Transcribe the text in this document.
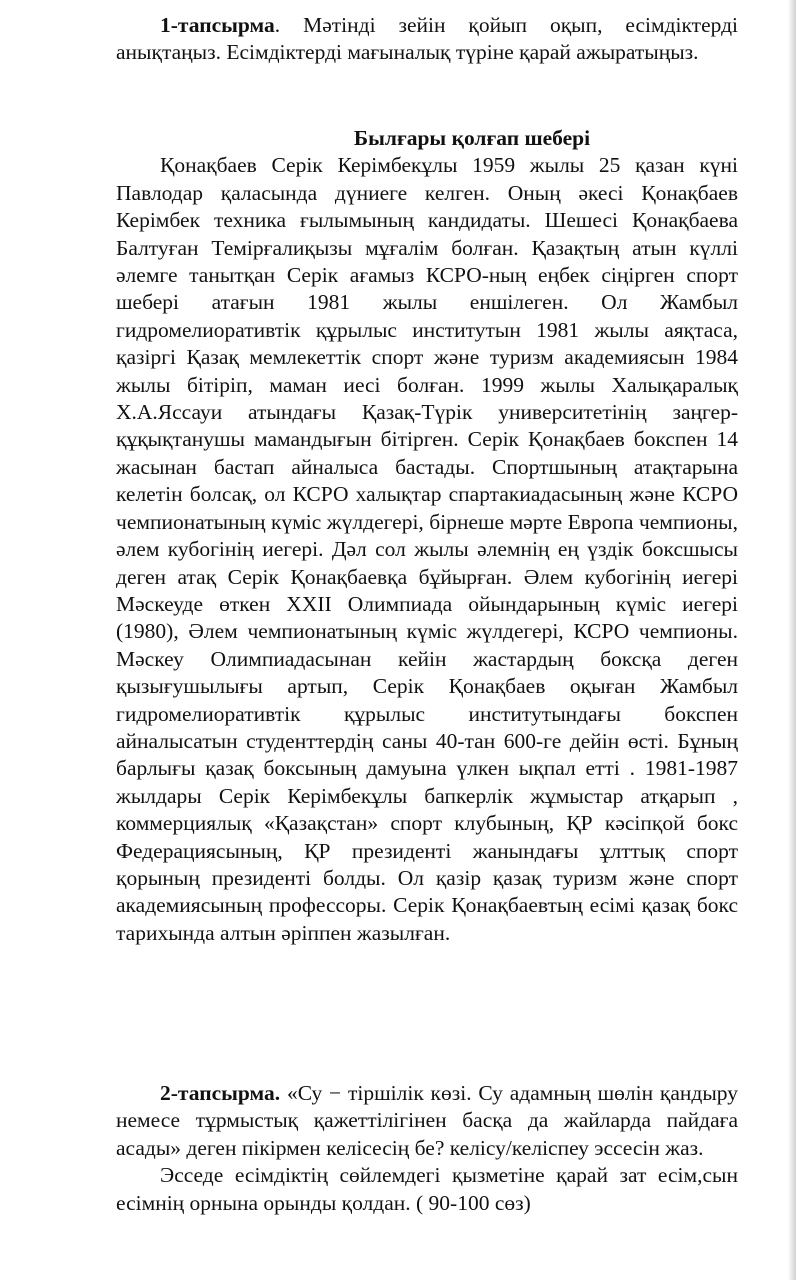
1-тапсырма. Мәтінді зейін қойып оқып, есімдіктерді анықтаңыз. Есімдіктерді мағыналық түріне қарай ажыратыңыз.

Былғары қолғап шебері

Қонақбаев Серік Керімбекұлы 1959 жылы 25 қазан күні Павлодар қаласында дүниеге келген. Оның әкесі Қонақбаев Керімбек техника ғылымының кандидаты. Шешесі Қонақбаева Балтуған Темірғалиқызы мұғалім болған. Қазақтың атын күллі әлемге танытқан Серік ағамыз КСРО-ның еңбек сіңірген спорт шебері атағын 1981 жылы еншілеген. Ол Жамбыл гидромелиоративтік құрылыс институтын 1981 жылы аяқтаса, қазіргі Қазақ мемлекеттік спорт және туризм академиясын 1984 жылы бітіріп, маман иесі болған. 1999 жылы Халықаралық Х.А.Яссауи атындағы Қазақ-Түрік университетінің заңгер-құқықтанушы мамандығын бітірген. Серік Қонақбаев бокспен 14 жасынан бастап айналыса бастады. Спортшының атақтарына келетін болсақ, ол КСРО халықтар спартакиадасының және КСРО чемпионатының күміс жүлдегері, бірнеше мәрте Европа чемпионы, әлем кубогінің иегері. Дәл сол жылы әлемнің ең үздік боксшысы деген атақ Серік Қонақбаевқа бұйырған. Әлем кубогінің иегері Мәскеуде өткен XXII Олимпиада ойындарының күміс иегері (1980), Әлем чемпионатының күміс жүлдегері, КСРО чемпионы. Мәскеу Олимпиадасынан кейін жастардың боксқа деген қызығушылығы артып, Серік Қонақбаев оқыған Жамбыл гидромелиоративтік құрылыс институтындағы бокспен айналысатын студенттердің саны 40-тан 600-ге дейін өсті. Бұның барлығы қазақ боксының дамуына үлкен ықпал етті . 1981-1987 жылдары Серік Керімбекұлы бапкерлік жұмыстар атқарып , коммерциялық «Қазақстан» спорт клубының, ҚР кәсіпқой бокс Федерациясының, ҚР президенті жанындағы ұлттық спорт қорының президенті болды. Ол қазір қазақ туризм және спорт академиясының профессоры. Серік Қонақбаевтың есімі қазақ бокс тарихында алтын әріппен жазылған.

2-тапсырма. «Су − тіршілік көзі. Су адамның шөлін қандыру немесе тұрмыстық қажеттілігінен басқа да жайларда пайдаға асады» деген пікірмен келісесің бе? келісу/келіспеу эссесін жаз.

Эсседе есімдіктің сөйлемдегі қызметіне қарай зат есім,сын есімнің орнына орынды қолдан. ( 90-100 сөз)
